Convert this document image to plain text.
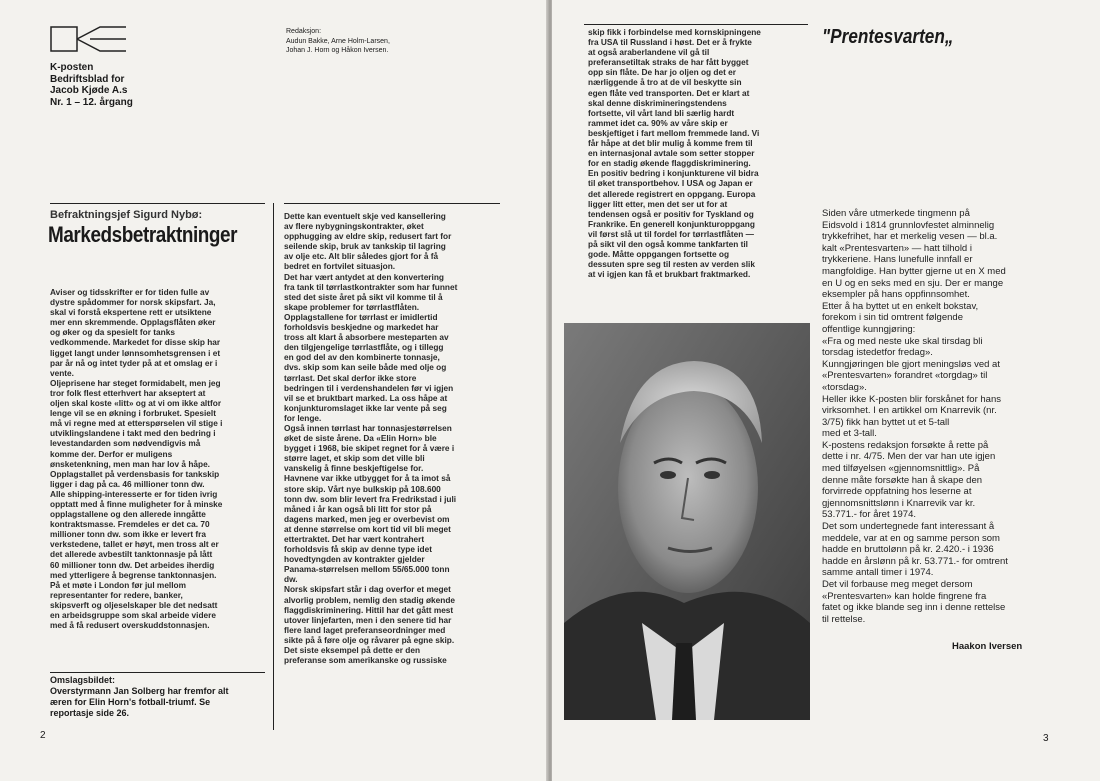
K-posten
Bedriftsblad for
Jacob Kjøde A.s
Nr. 1 – 12. årgang
Redaksjon:
Audun Bakke, Arne Holm-Larsen,
Johan J. Horn og Håkon Iversen.
Befraktningsjef Sigurd Nybø:
Markedsbetraktninger

Aviser og tidsskrifter er for tiden fulle av

dystre spådommer for norsk skipsfart. Ja,

skal vi forstå ekspertene rett er utsiktene

mer enn skremmende. Opplagsflåten øker

og øker og da spesielt for tanks

vedkommende. Markedet for disse skip har

ligget langt under lønnsomhetsgrensen i et

par år nå og intet tyder på at et omslag er i

vente.

Oljeprisene har steget formidabelt, men jeg

tror folk flest etterhvert har akseptert at

oljen skal koste «litt» og at vi om ikke altfor

lenge vil se en økning i forbruket. Spesielt

må vi regne med at etterspørselen vil stige i

utviklingslandene i takt med den bedring i

levestandarden som nødvendigvis må

komme der. Derfor er muligens

ønsketenkning, men man har lov å håpe.

Opplagstallet på verdensbasis for tankskip

ligger i dag på ca. 46 millioner tonn dw.

Alle shipping-interesserte er for tiden ivrig

opptatt med å finne muligheter for å minske

opplagstallene og den allerede inngåtte

kontraktsmasse. Fremdeles er det ca. 70

millioner tonn dw. som ikke er levert fra

verkstedene, tallet er høyt, men tross alt er

det allerede avbestilt tanktonnasje på lått

60 millioner tonn dw. Det arbeides iherdig

med ytterligere å begrense tanktonnasjen.

På et møte i London før jul mellom

representanter for redere, banker,

skipsverft og oljeselskaper ble det nedsatt

en arbeidsgruppe som skal arbeide videre

med å få redusert overskuddstonnasjen.

Omslagsbildet:
Overstyrmann Jan Solberg har fremfor alt
æren for Elin Horn's fotball-triumf. Se
reportasje side 26.

Dette kan eventuelt skje ved kansellering

av flere nybygningskontrakter, øket

opphugging av eldre skip, redusert fart for

seilende skip, bruk av tankskip til lagring

av olje etc. Alt blir således gjort for å få

bedret en fortvilet situasjon.

Det har vært antydet at den konvertering

fra tank til tørrlastkontrakter som har funnet

sted det siste året på sikt vil komme til å

skape problemer for tørrlastflåten.

Opplagstallene for tørrlast er imidlertid

forholdsvis beskjedne og markedet har

tross alt klart å absorbere mesteparten av

den tilgjengelige tørrlastflåte, og i tillegg

en god del av den kombinerte tonnasje,

dvs. skip som kan seile både med olje og

tørrlast. Det skal derfor ikke store

bedringen til i verdenshandelen før vi igjen

vil se et bruktbart marked. La oss håpe at

konjunkturomslaget ikke lar vente på seg

for lenge.

Også innen tørrlast har tonnasjestørrelsen

øket de siste årene. Da «Elin Horn» ble

bygget i 1968, bie skipet regnet for å være i

større laget, et skip som det ville bli

vanskelig å finne beskjeftigelse for.

Havnene var ikke utbygget for å ta imot så

store skip. Vårt nye bulkskip på 108.600

tonn dw. som blir levert fra Fredrikstad i juli

måned i år kan også bli litt for stor på

dagens marked, men jeg er overbevist om

at denne størrelse om kort tid vil bli meget

ettertraktet. Det har vært kontrahert

forholdsvis få skip av denne type idet

hovedtyngden av kontrakter gjelder

Panama-størrelsen mellom 55/65.000 tonn

dw.

Norsk skipsfart står i dag overfor et meget

alvorlig problem, nemlig den stadig økende

flaggdiskriminering. Hittil har det gått mest

utover linjefarten, men i den senere tid har

flere land laget preferanseordninger med

sikte på å føre olje og råvarer på egne skip.

Det siste eksempel på dette er den

preferanse som amerikanske og russiske

2

skip fikk i forbindelse med kornskipningene

fra USA til Russland i høst. Det er å frykte

at også araberlandene vil gå til

preferansetiltak straks de har fått bygget

opp sin flåte. De har jo oljen og det er

nærliggende å tro at de vil beskytte sin

egen flåte ved transporten. Det er klart at

skal denne diskrimineringstendens

fortsette, vil vårt land bli særlig hardt

rammet idet ca. 90% av våre skip er

beskjeftiget i fart mellom fremmede land. Vi

får håpe at det blir mulig å komme frem til

en internasjonal avtale som setter stopper

for en stadig økende flaggdiskriminering.

En positiv bedring i konjunkturene vil bidra

til øket transportbehov. I USA og Japan er

det allerede registrert en oppgang. Europa

ligger litt etter, men det ser ut for at

tendensen også er positiv for Tyskland og

Frankrike. En generell konjunkturoppgang

vil først slå ut til fordel for tørrlastflåten —

på sikt vil den også komme tankfarten til

gode. Måtte oppgangen fortsette og

dessuten spre seg til resten av verden slik

at vi igjen kan få et brukbart fraktmarked.

"Prentesvarten„

Siden våre utmerkede tingmenn på

Eidsvold i 1814 grunnlovfestet alminnelig

trykkefrihet, har et merkelig vesen — bl.a.

kalt «Prentesvarten» — hatt tilhold i

trykkeriene. Hans lunefulle innfall er

mangfoldige. Han bytter gjerne ut en X med

en U og en seks med en sju. Der er mange

eksempler på hans oppfinnsomhet.

Etter å ha byttet ut en enkelt bokstav,

forekom i sin tid omtrent følgende

offentlige kunngjøring:

«Fra og med neste uke skal tirsdag bli

torsdag istedetfor fredag».

Kunngjøringen ble gjort meningsløs ved at

«Prentesvarten» forandret «torgdag» til

«torsdag».

Heller ikke K-posten blir forskånet for hans

virksomhet. I en artikkel om Knarrevik (nr.

3/75) fikk han byttet ut et 5-tall

med et 3-tall.

K-postens redaksjon forsøkte å rette på

dette i nr. 4/75. Men der var han ute igjen

med tilføyelsen «gjennomsnittlig». På

denne måte forsøkte han å skape den

forvirrede oppfatning hos leserne at

gjennomsnittslønn i Knarrevik var kr.

53.771.- for året 1974.

Det som undertegnede fant interessant å

meddele, var at en og samme person som

hadde en bruttolønn på kr. 2.420.- i 1936

hadde en årslønn på kr. 53.771.- for omtrent

samme antall timer i 1974.

Det vil forbause meg meget dersom

«Prentesvarten» kan holde fingrene fra

fatet og ikke blande seg inn i denne rettelse

til rettelse.

Haakon Iversen
3
